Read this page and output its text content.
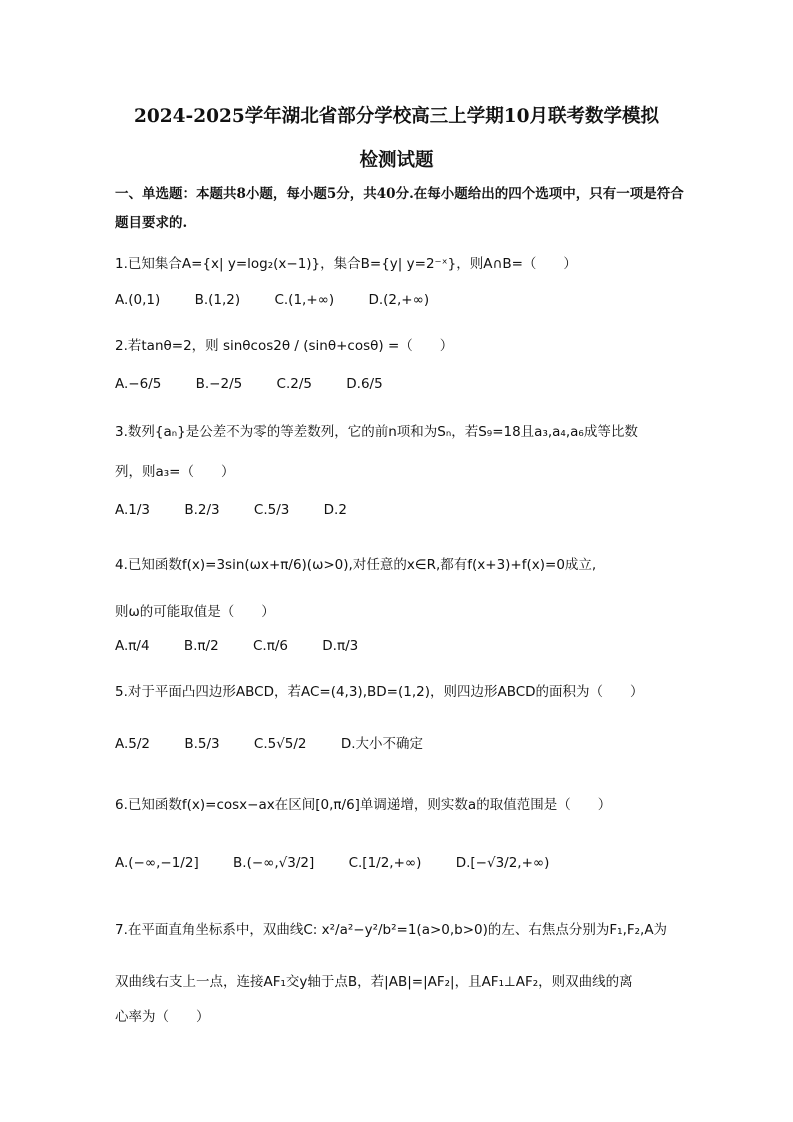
2024-2025学年湖北省部分学校高三上学期10月联考数学模拟
检测试题
一、单选题：本题共8小题，每小题5分，共40分.在每小题给出的四个选项中，只有一项是符合题目要求的.
1.已知集合A={x| y=log₂(x−1)}，集合B={y| y=2⁻ˣ}，则A∩B=（　　）
A.(0,1)	B.(1,2)	C.(1,+∞)	D.(2,+∞)
2.若tanθ=2，则 sinθcos2θ / (sinθ+cosθ) =（　　）
A.−6/5	B.−2/5	C.2/5	D.6/5
3.数列{aₙ}是公差不为零的等差数列，它的前n项和为Sₙ，若S₉=18且a₃,a₄,a₆成等比数
列，则a₃=（　　）
A.1/3	B.2/3	C.5/3	D.2
4.已知函数f(x)=3sin(ωx+π/6)(ω>0),对任意的x∈R,都有f(x+3)+f(x)=0成立,
则ω的可能取值是（　　）
A.π/4	B.π/2	C.π/6	D.π/3
5.对于平面凸四边形ABCD，若AC=(4,3),BD=(1,2)，则四边形ABCD的面积为（　　）
A.5/2	B.5/3	C.5√5/2	D.大小不确定
6.已知函数f(x)=cosx−ax在区间[0,π/6]单调递增，则实数a的取值范围是（　　）
A.(−∞,−1/2]	B.(−∞,√3/2]	C.[1/2,+∞)	D.[−√3/2,+∞)
7.在平面直角坐标系中，双曲线C: x²/a²−y²/b²=1(a>0,b>0)的左、右焦点分别为F₁,F₂,A为
双曲线右支上一点，连接AF₁交y轴于点B，若|AB|=|AF₂|，且AF₁⊥AF₂，则双曲线的离
心率为（　　）
